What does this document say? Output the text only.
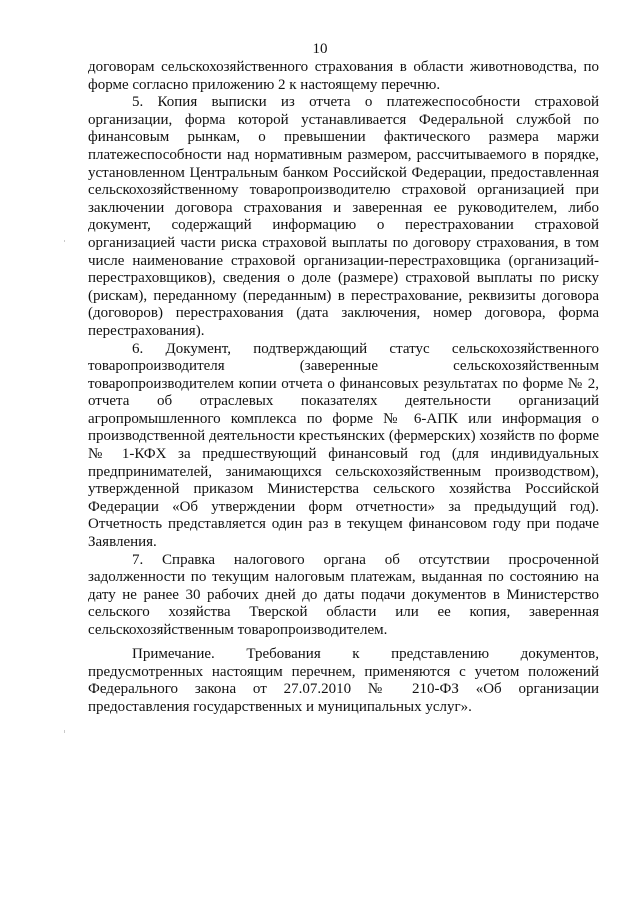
10

договорам сельскохозяйственного страхования в области животноводства, по форме согласно приложению 2 к настоящему перечню.

5. Копия выписки из отчета о платежеспособности страховой организации, форма которой устанавливается Федеральной службой по финансовым рынкам, о превышении фактического размера маржи платежеспособности над нормативным размером, рассчитываемого в порядке, установленном Центральным банком Российской Федерации, предоставленная сельскохозяйственному товаропроизводителю страховой организацией при заключении договора страхования и заверенная ее руководителем, либо документ, содержащий информацию о перестраховании страховой организацией части риска страховой выплаты по договору страхования, в том числе наименование страховой организации-перестраховщика (организаций-перестраховщиков), сведения о доле (размере) страховой выплаты по риску (рискам), переданному (переданным) в перестрахование, реквизиты договора (договоров) перестрахования (дата заключения, номер договора, форма перестрахования).

6. Документ, подтверждающий статус сельскохозяйственного товаропроизводителя (заверенные сельскохозяйственным товаропроизводителем копии отчета о финансовых результатах по форме № 2, отчета об отраслевых показателях деятельности организаций агропромышленного комплекса по форме № 6-АПК или информация о производственной деятельности крестьянских (фермерских) хозяйств по форме № 1-КФХ за предшествующий финансовый год (для индивидуальных предпринимателей, занимающихся сельскохозяйственным производством), утвержденной приказом Министерства сельского хозяйства Российской Федерации «Об утверждении форм отчетности» за предыдущий год). Отчетность представляется один раз в текущем финансовом году при подаче Заявления.

7. Справка налогового органа об отсутствии просроченной задолженности по текущим налоговым платежам, выданная по состоянию на дату не ранее 30 рабочих дней до даты подачи документов в Министерство сельского хозяйства Тверской области или ее копия, заверенная сельскохозяйственным товаропроизводителем.

Примечание. Требования к представлению документов, предусмотренных настоящим перечнем, применяются с учетом положений Федерального закона от 27.07.2010 № 210-ФЗ «Об организации предоставления государственных и муниципальных услуг».
